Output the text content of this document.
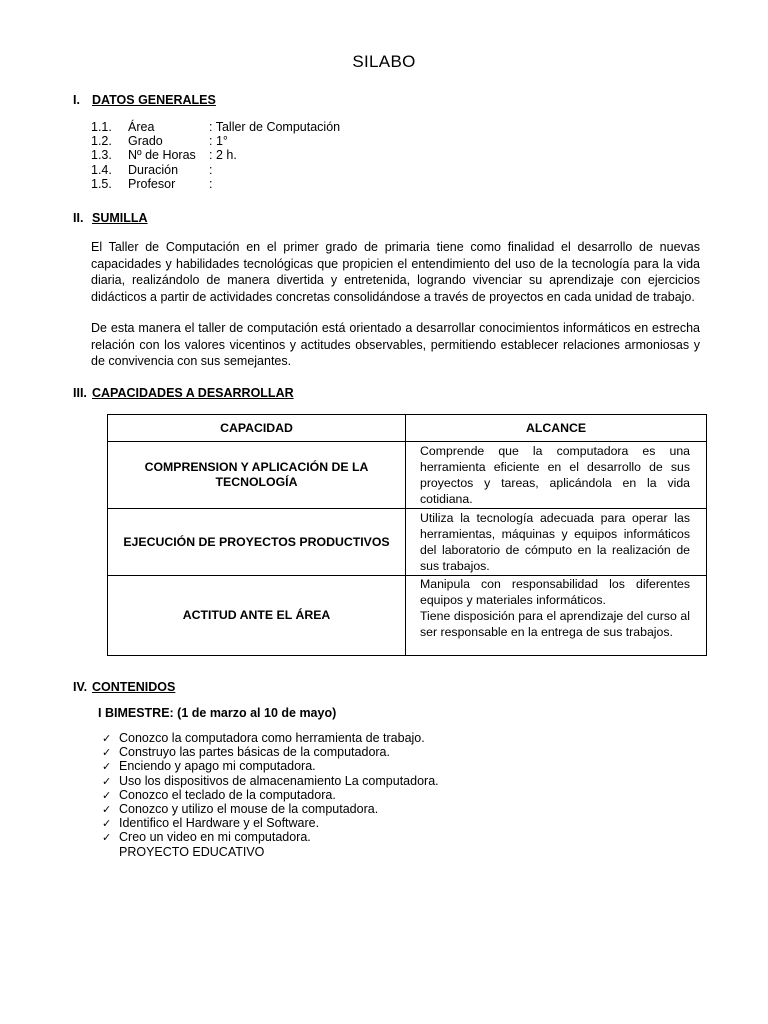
SILABO
I. DATOS GENERALES
1.1.	Área	: Taller de Computación
1.2.	Grado	: 1°
1.3.	Nº de Horas	: 2 h.
1.4.	Duración	:
1.5.	Profesor	:
II. SUMILLA
El Taller de Computación en el primer grado de primaria tiene como finalidad el desarrollo de nuevas capacidades y habilidades tecnológicas que propicien el entendimiento del uso de la tecnología para la vida diaria, realizándolo de manera divertida y entretenida, logrando vivenciar su aprendizaje con ejercicios didácticos a partir de actividades concretas consolidándose a través de proyectos en cada unidad de trabajo.
De esta manera el taller de computación está orientado a desarrollar conocimientos informáticos en estrecha relación con los valores vicentinos y actitudes observables, permitiendo establecer relaciones armoniosas y de convivencia con sus semejantes.
III. CAPACIDADES A DESARROLLAR
CAPACIDAD	ALCANCE
COMPRENSION Y APLICACIÓN DE LA TECNOLOGÍA	Comprende que la computadora es una herramienta eficiente en el desarrollo de sus proyectos y tareas, aplicándola en la vida cotidiana.
EJECUCIÓN DE PROYECTOS PRODUCTIVOS	Utiliza la tecnología adecuada para operar las herramientas, máquinas y equipos informáticos del laboratorio de cómputo en la realización de sus trabajos.
ACTITUD ANTE EL ÁREA	Manipula con responsabilidad los diferentes equipos y materiales informáticos.
Tiene disposición para el aprendizaje del curso al ser responsable en la entrega de sus trabajos.
IV. CONTENIDOS
I BIMESTRE: (1 de marzo al 10 de mayo)
✓ Conozco la computadora como herramienta de trabajo.
✓ Construyo las partes básicas de la computadora.
✓ Enciendo y apago mi computadora.
✓ Uso los dispositivos de almacenamiento La computadora.
✓ Conozco el teclado de la computadora.
✓ Conozco y utilizo el mouse de la computadora.
✓ Identifico el Hardware y el Software.
✓ Creo un video en mi computadora.
PROYECTO EDUCATIVO
